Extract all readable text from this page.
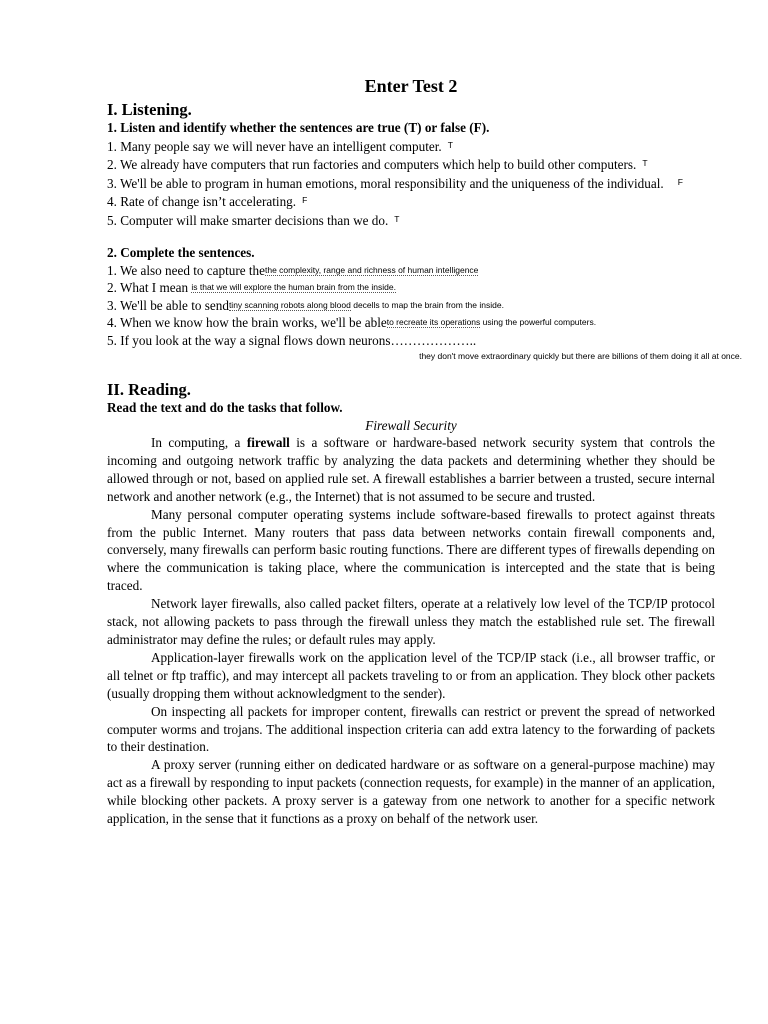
Enter Test 2
I. Listening.
1. Listen and identify whether the sentences are true (T) or false (F).
1. Many people say we will never have an intelligent computer. $^T$
2. We already have computers that run factories and computers which help to build other computers. $^T$
3. We'll be able to program in human emotions, moral responsibility and the uniqueness of the individual. $^F$
4. Rate of change isn’t accelerating. $^F$
5. Computer will make smarter decisions than we do. $^T$
2. Complete the sentences.
1. We also need to capture thethe complexity, range and richness of human intelligence
2. What I mean is that we will explore the human brain from the inside.
3. We'll be able to sendtiny scanning robots along blood decells to map the brain from the inside.
4. When we know how the brain works, we'll be ableto recreate its operations using the powerful computers.
5. If you look at the way a signal flows down neurons………………..
they don't move extraordinary quickly but there are billions of them doing it all at once.
II. Reading.
Read the text and do the tasks that follow.
Firewall Security

In computing, a firewall is a software or hardware-based network security system that controls the incoming and outgoing network traffic by analyzing the data packets and determining whether they should be allowed through or not, based on applied rule set. A firewall establishes a barrier between a trusted, secure internal network and another network (e.g., the Internet) that is not assumed to be secure and trusted.

Many personal computer operating systems include software-based firewalls to protect against threats from the public Internet. Many routers that pass data between networks contain firewall components and, conversely, many firewalls can perform basic routing functions. There are different types of firewalls depending on where the communication is taking place, where the communication is intercepted and the state that is being traced.

Network layer firewalls, also called packet filters, operate at a relatively low level of the TCP/IP protocol stack, not allowing packets to pass through the firewall unless they match the established rule set. The firewall administrator may define the rules; or default rules may apply.

Application-layer firewalls work on the application level of the TCP/IP stack (i.e., all browser traffic, or all telnet or ftp traffic), and may intercept all packets traveling to or from an application. They block other packets (usually dropping them without acknowledgment to the sender).

On inspecting all packets for improper content, firewalls can restrict or prevent the spread of networked computer worms and trojans. The additional inspection criteria can add extra latency to the forwarding of packets to their destination.

A proxy server (running either on dedicated hardware or as software on a general-purpose machine) may act as a firewall by responding to input packets (connection requests, for example) in the manner of an application, while blocking other packets. A proxy server is a gateway from one network to another for a specific network application, in the sense that it functions as a proxy on behalf of the network user.
